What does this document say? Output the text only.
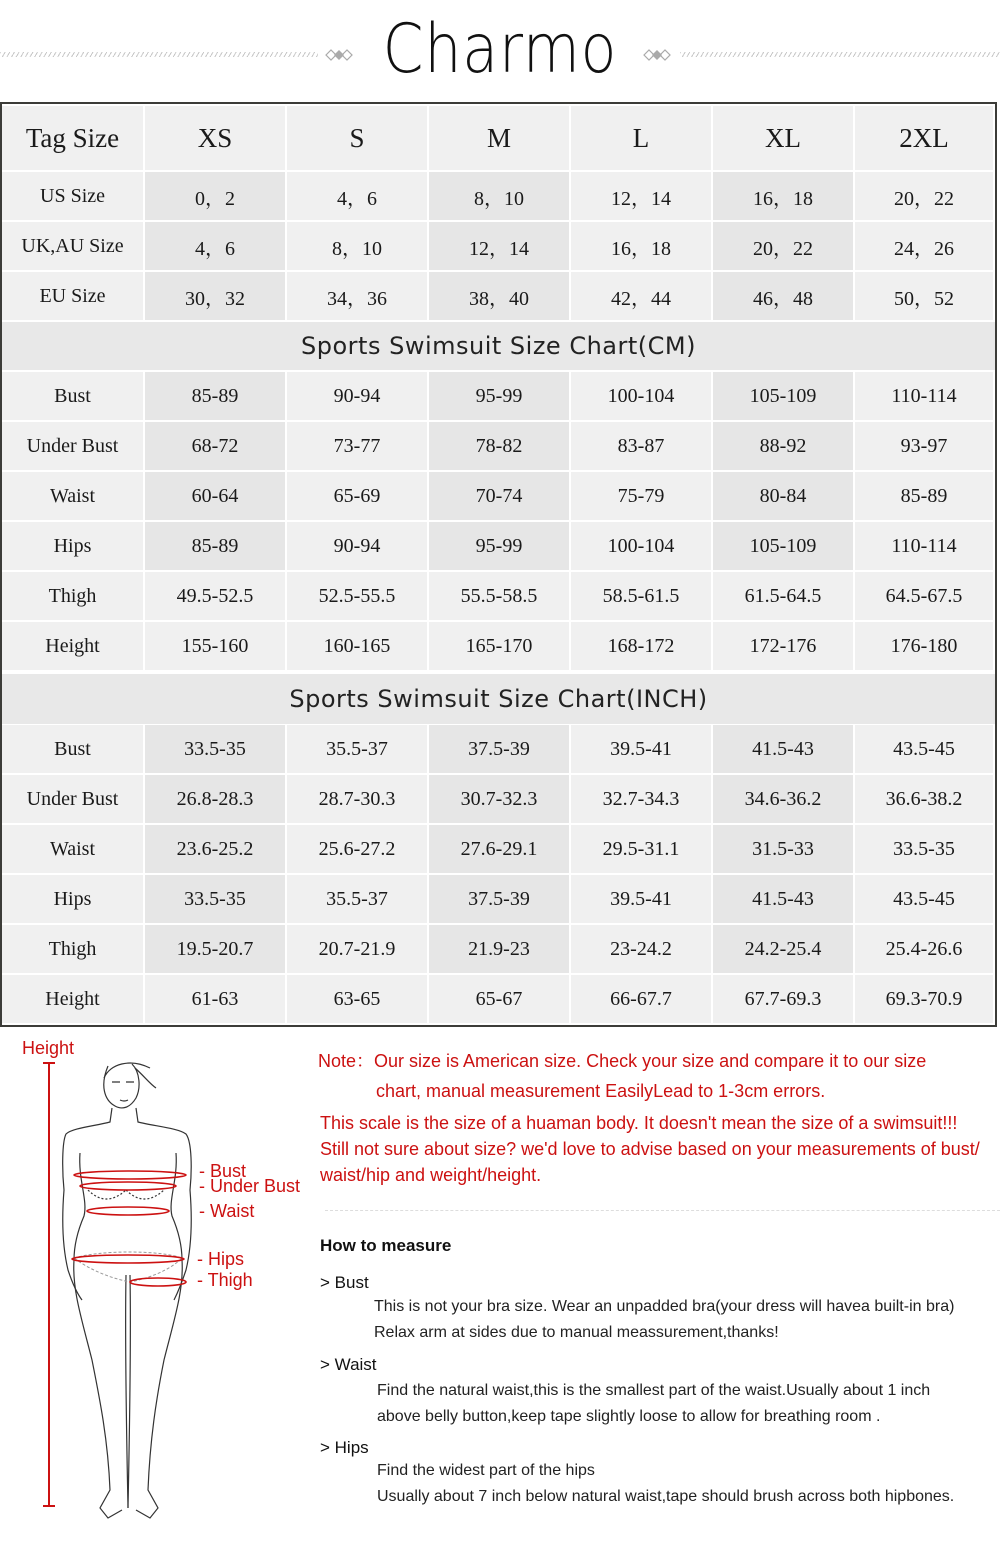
Charmo
Tag Size	XS	S	M	L	XL	2XL
US Size	0，2	4，6	8，10	12，14	16，18	20，22
UK,AU Size	4，6	8，10	12，14	16，18	20，22	24，26
EU Size	30，32	34，36	38，40	42，44	46，48	50，52
Sports Swimsuit Size Chart(CM)
Bust	85-89	90-94	95-99	100-104	105-109	110-114
Under Bust	68-72	73-77	78-82	83-87	88-92	93-97
Waist	60-64	65-69	70-74	75-79	80-84	85-89
Hips	85-89	90-94	95-99	100-104	105-109	110-114
Thigh	49.5-52.5	52.5-55.5	55.5-58.5	58.5-61.5	61.5-64.5	64.5-67.5
Height	155-160	160-165	165-170	168-172	172-176	176-180
Sports Swimsuit Size Chart(INCH)
Bust	33.5-35	35.5-37	37.5-39	39.5-41	41.5-43	43.5-45
Under Bust	26.8-28.3	28.7-30.3	30.7-32.3	32.7-34.3	34.6-36.2	36.6-38.2
Waist	23.6-25.2	25.6-27.2	27.6-29.1	29.5-31.1	31.5-33	33.5-35
Hips	33.5-35	35.5-37	37.5-39	39.5-41	41.5-43	43.5-45
Thigh	19.5-20.7	20.7-21.9	21.9-23	23-24.2	24.2-25.4	25.4-26.6
Height	61-63	63-65	65-67	66-67.7	67.7-69.3	69.3-70.9
Height
- Bust
- Under Bust
- Waist
- Hips
- Thigh
Note：Our size is American size. Check your size and compare it to our size
chart, manual measurement EasilyLead to 1-3cm errors.
This scale is the size of a huaman body. It doesn't mean the size of a swimsuit!!!
Still not sure about size? we'd love to advise based on your measurements of bust/
waist/hip and weight/height.
How to measure
> Bust
This is not your bra size. Wear an unpadded bra(your dress will havea built-in bra)
Relax arm at sides due to manual meassurement,thanks!
> Waist
Find the natural waist,this is the smallest part of the waist.Usually about 1 inch
above belly button,keep tape slightly loose to allow for breathing room .
> Hips
Find the widest part of the hips
Usually about 7 inch below natural waist,tape should brush across both hipbones.
